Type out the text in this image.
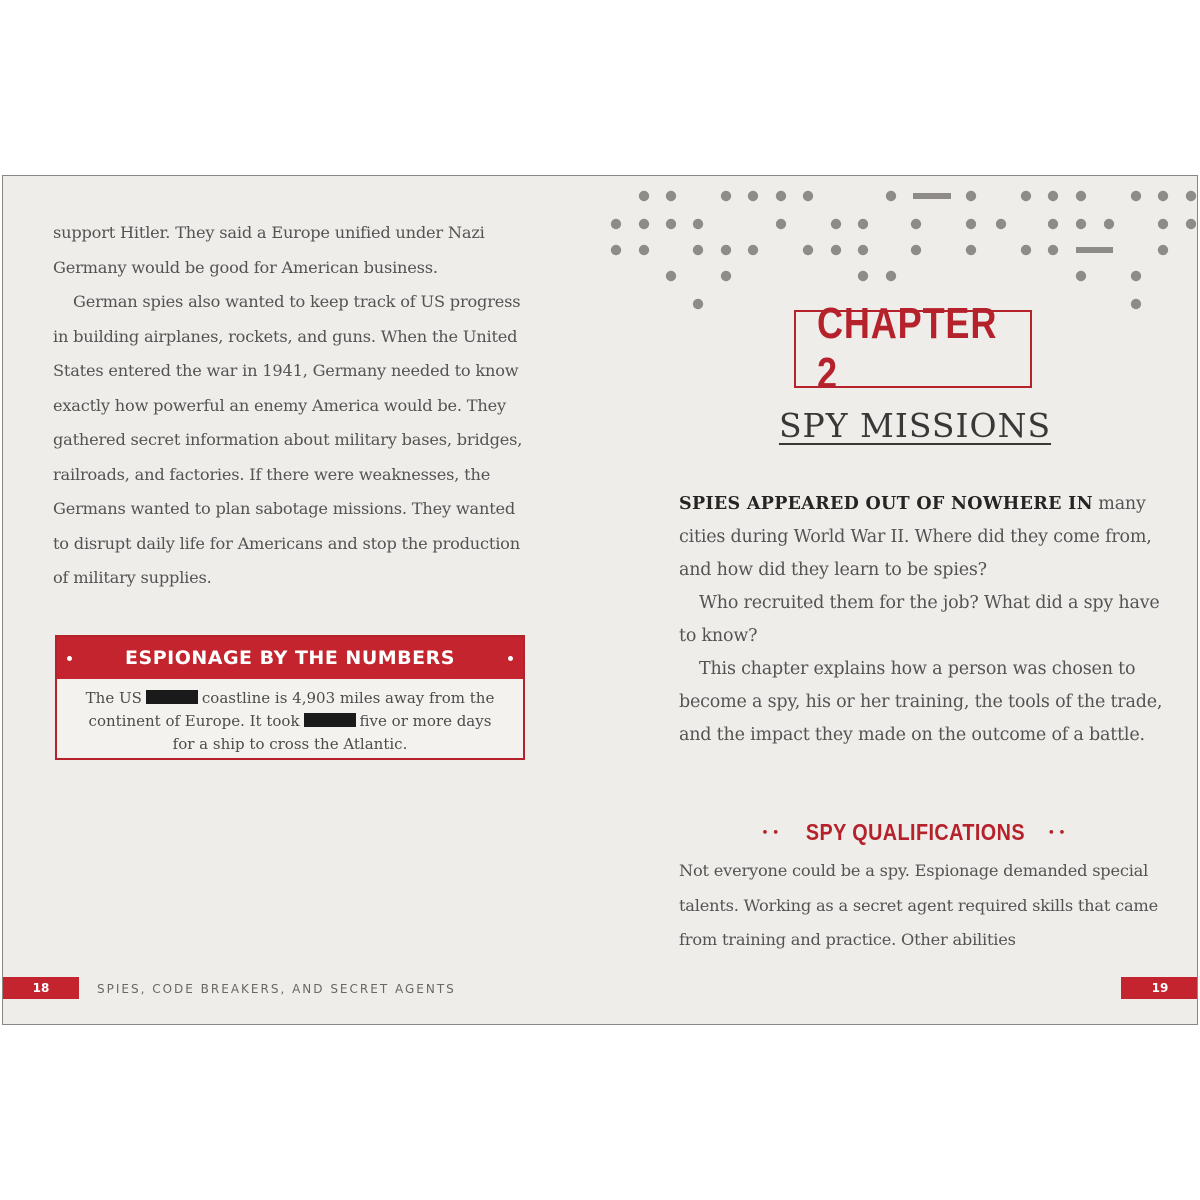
support Hitler. They said a Europe unified under Nazi Germany would be good for American business.

German spies also wanted to keep track of US progress in building airplanes, rockets, and guns. When the United States entered the war in 1941, Germany needed to know exactly how powerful an enemy America would be. They gathered secret information about military bases, bridges, railroads, and factories. If there were weaknesses, the Germans wanted to plan sabotage missions. They wanted to disrupt daily life for Americans and stop the production of military supplies.

ESPIONAGE BY THE NUMBERS
The US	coastline is 4,903 miles away from the continent of Europe. It took	five or more days for a ship to cross the Atlantic.
18	SPIES, CODE BREAKERS, AND SECRET AGENTS
CHAPTER 2
SPY MISSIONS

SPIES APPEARED OUT OF NOWHERE IN many cities during World War II. Where did they come from, and how did they learn to be spies?

Who recruited them for the job? What did a spy have to know?

This chapter explains how a person was chosen to become a spy, his or her training, the tools of the trade, and the impact they made on the outcome of a battle.

•• SPY QUALIFICATIONS ••

Not everyone could be a spy. Espionage demanded special talents. Working as a secret agent required skills that came from training and practice. Other abilities

19
